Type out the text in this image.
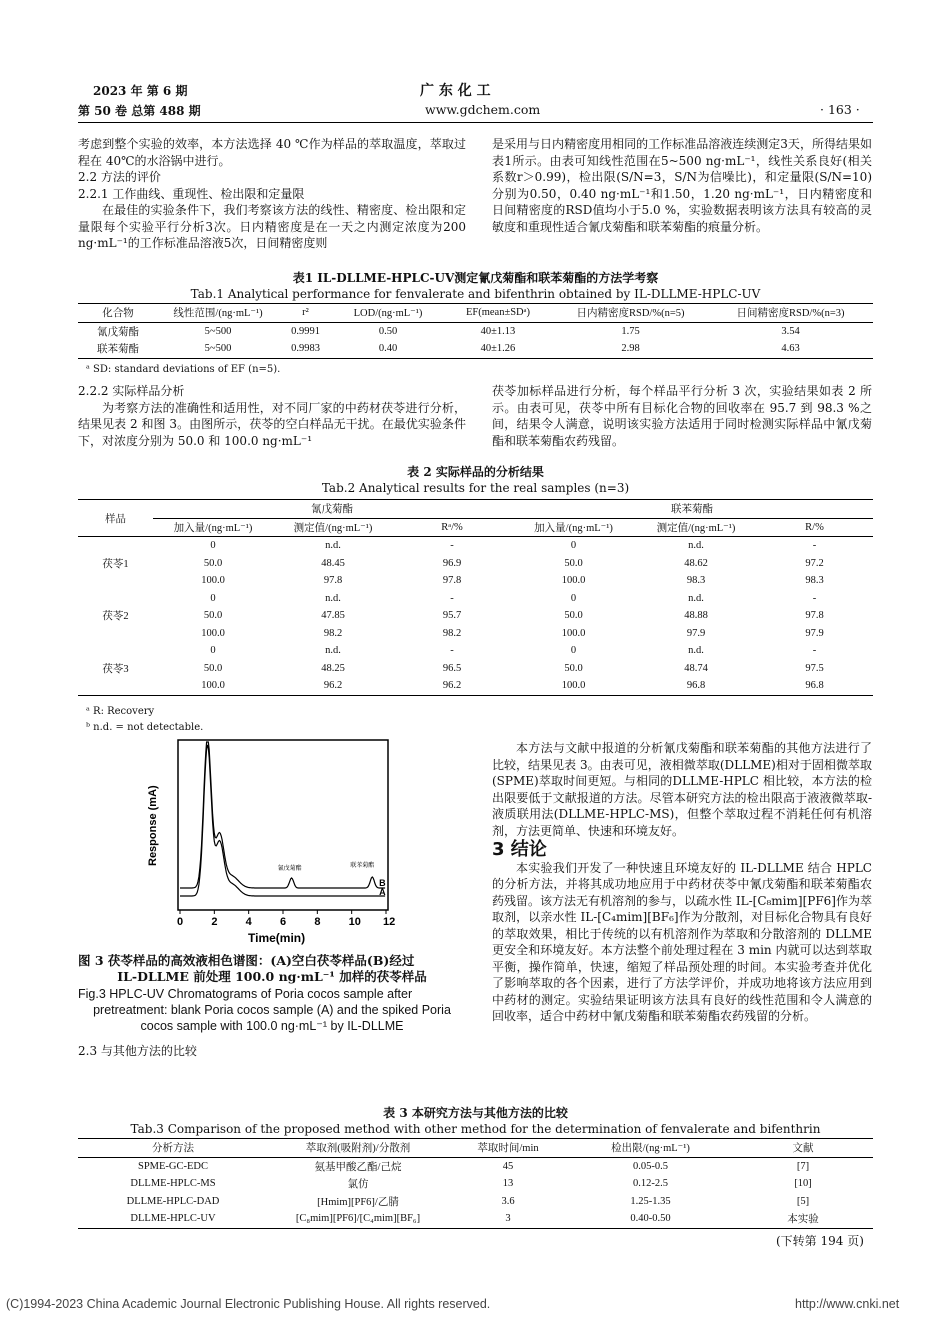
2023 年 第 6 期
第 50 卷 总第 488 期
广 东 化 工
www.gdchem.com	· 163 ·

考虑到整个实验的效率，本方法选择 40 ℃作为样品的萃取温度，萃取过程在 40℃的水浴锅中进行。

2.2 方法的评价

2.2.1 工作曲线、重现性、检出限和定量限

在最佳的实验条件下，我们考察该方法的线性、精密度、检出限和定量限每个实验平行分析3次。日内精密度是在一天之内测定浓度为200 ng·mL⁻¹的工作标准品溶液5次，日间精密度则

是采用与日内精密度用相同的工作标准品溶液连续测定3天，所得结果如表1所示。由表可知线性范围在5~500 ng·mL⁻¹，线性关系良好(相关系数r＞0.99)，检出限(S/N=3，S/N为信噪比)，和定量限(S/N=10)分别为0.50，0.40 ng·mL⁻¹和1.50，1.20 ng·mL⁻¹，日内精密度和日间精密度的RSD值均小于5.0 %，实验数据表明该方法具有较高的灵敏度和重现性适合氰戊菊酯和联苯菊酯的痕量分析。

表1 IL-DLLME-HPLC-UV测定氰戊菊酯和联苯菊酯的方法学考察
Tab.1 Analytical performance for fenvalerate and bifenthrin obtained by IL-DLLME-HPLC-UV
化合物	线性范围/(ng·mL⁻¹)	r²	LOD/(ng·mL⁻¹)	EF(mean±SDᵃ)	日内精密度RSD/%(n=5)	日间精密度RSD/%(n=3)
氰戊菊酯	5~500	0.9991	0.50	40±1.13	1.75	3.54
联苯菊酯	5~500	0.9983	0.40	40±1.26	2.98	4.63
ᵃ SD: standard deviations of EF (n=5).

2.2.2 实际样品分析

为考察方法的准确性和适用性，对不同厂家的中药材茯苓进行分析，结果见表 2 和图 3。由图所示，茯苓的空白样品无干扰。在最优实验条件下，对浓度分别为 50.0 和 100.0 ng·mL⁻¹

茯苓加标样品进行分析，每个样品平行分析 3 次，实验结果如表 2 所示。由表可见，茯苓中所有目标化合物的回收率在 95.7 到 98.3 %之间，结果令人满意，说明该实验方法适用于同时检测实际样品中氰戊菊酯和联苯菊酯农药残留。

表 2 实际样品的分析结果
Tab.2 Analytical results for the real samples (n=3)
样品	氰戊菊酯			联苯菊酯		
	加入量/(ng·mL⁻¹)	测定值/(ng·mL⁻¹)	Rᵃ/%	加入量/(ng·mL⁻¹)	测定值/(ng·mL⁻¹)	R/%
茯苓1	0	n.d.	-	0	n.d.	-
	50.0	48.45	96.9	50.0	48.62	97.2
	100.0	97.8	97.8	100.0	98.3	98.3
茯苓2	0	n.d.	-	0	n.d.	-
	50.0	47.85	95.7	50.0	48.88	97.8
	100.0	98.2	98.2	100.0	97.9	97.9
茯苓3	0	n.d.	-	0	n.d.	-
	50.0	48.25	96.5	50.0	48.74	97.5
	100.0	96.2	96.2	100.0	96.8	96.8
ᵃ R: Recovery
ᵇ n.d. = not detectable.
0	2	4	6	8	10 12
氰戊菊酯	联苯菊酯
B
A
Response (mA)
Time(min)
图 3 茯苓样品的高效液相色谱图：(A)空白茯苓样品(B)经过
IL-DLLME 前处理 100.0 ng·mL⁻¹ 加样的茯苓样品
Fig.3 HPLC-UV Chromatograms of Poria cocos sample after
pretreatment: blank Poria cocos sample (A) and the spiked Poria
cocos sample with 100.0 ng·mL⁻¹ by IL-DLLME
2.3 与其他方法的比较

本方法与文献中报道的分析氰戊菊酯和联苯菊酯的其他方法进行了比较，结果见表 3。由表可见，液相微萃取(DLLME)相对于固相微萃取(SPME)萃取时间更短。与相同的DLLME-HPLC 相比较，本方法的检出限要低于文献报道的方法。尽管本研究方法的检出限高于液液微萃取-液质联用法(DLLME-HPLC-MS)，但整个萃取过程不消耗任何有机溶剂，方法更简单、快速和环境友好。

3 结论

本实验我们开发了一种快速且环境友好的 IL-DLLME 结合 HPLC 的分析方法，并将其成功地应用于中药材茯苓中氰戊菊酯和联苯菊酯农药残留。该方法无有机溶剂的参与，以疏水性 IL-[C₈mim][PF6]作为萃取剂，以亲水性 IL-[C₄mim][BF₆]作为分散剂，对目标化合物具有良好的萃取效果，相比于传统的以有机溶剂作为萃取和分散溶剂的 DLLME 更安全和环境友好。本方法整个前处理过程在 3 min 内就可以达到萃取平衡，操作简单，快速，缩短了样品预处理的时间。本实验考查并优化了影响萃取的各个因素，进行了方法学评价，并成功地将该方法应用到中药材的测定。实验结果证明该方法具有良好的线性范围和令人满意的回收率，适合中药材中氰戊菊酯和联苯菊酯农药残留的分析。

表 3 本研究方法与其他方法的比较
Tab.3 Comparison of the proposed method with other method for the determination of fenvalerate and bifenthrin
分析方法	萃取剂(吸附剂)/分散剂	萃取时间/min	检出限/(ng·mL⁻¹)	文献
SPME-GC-EDC	氨基甲酸乙酯/己烷	45	0.05-0.5	[7]
DLLME-HPLC-MS	氯仿	13	0.12-2.5	[10]
DLLME-HPLC-DAD	[Hmim][PF6]/乙腈	3.6	1.25-1.35	[5]
DLLME-HPLC-UV	[C₈mim][PF6]/[C₄mim][BF₆]	3	0.40-0.50	本实验
(下转第 194 页)
(C)1994-2023 China Academic Journal Electronic Publishing House. All rights reserved.	http://www.cnki.net
